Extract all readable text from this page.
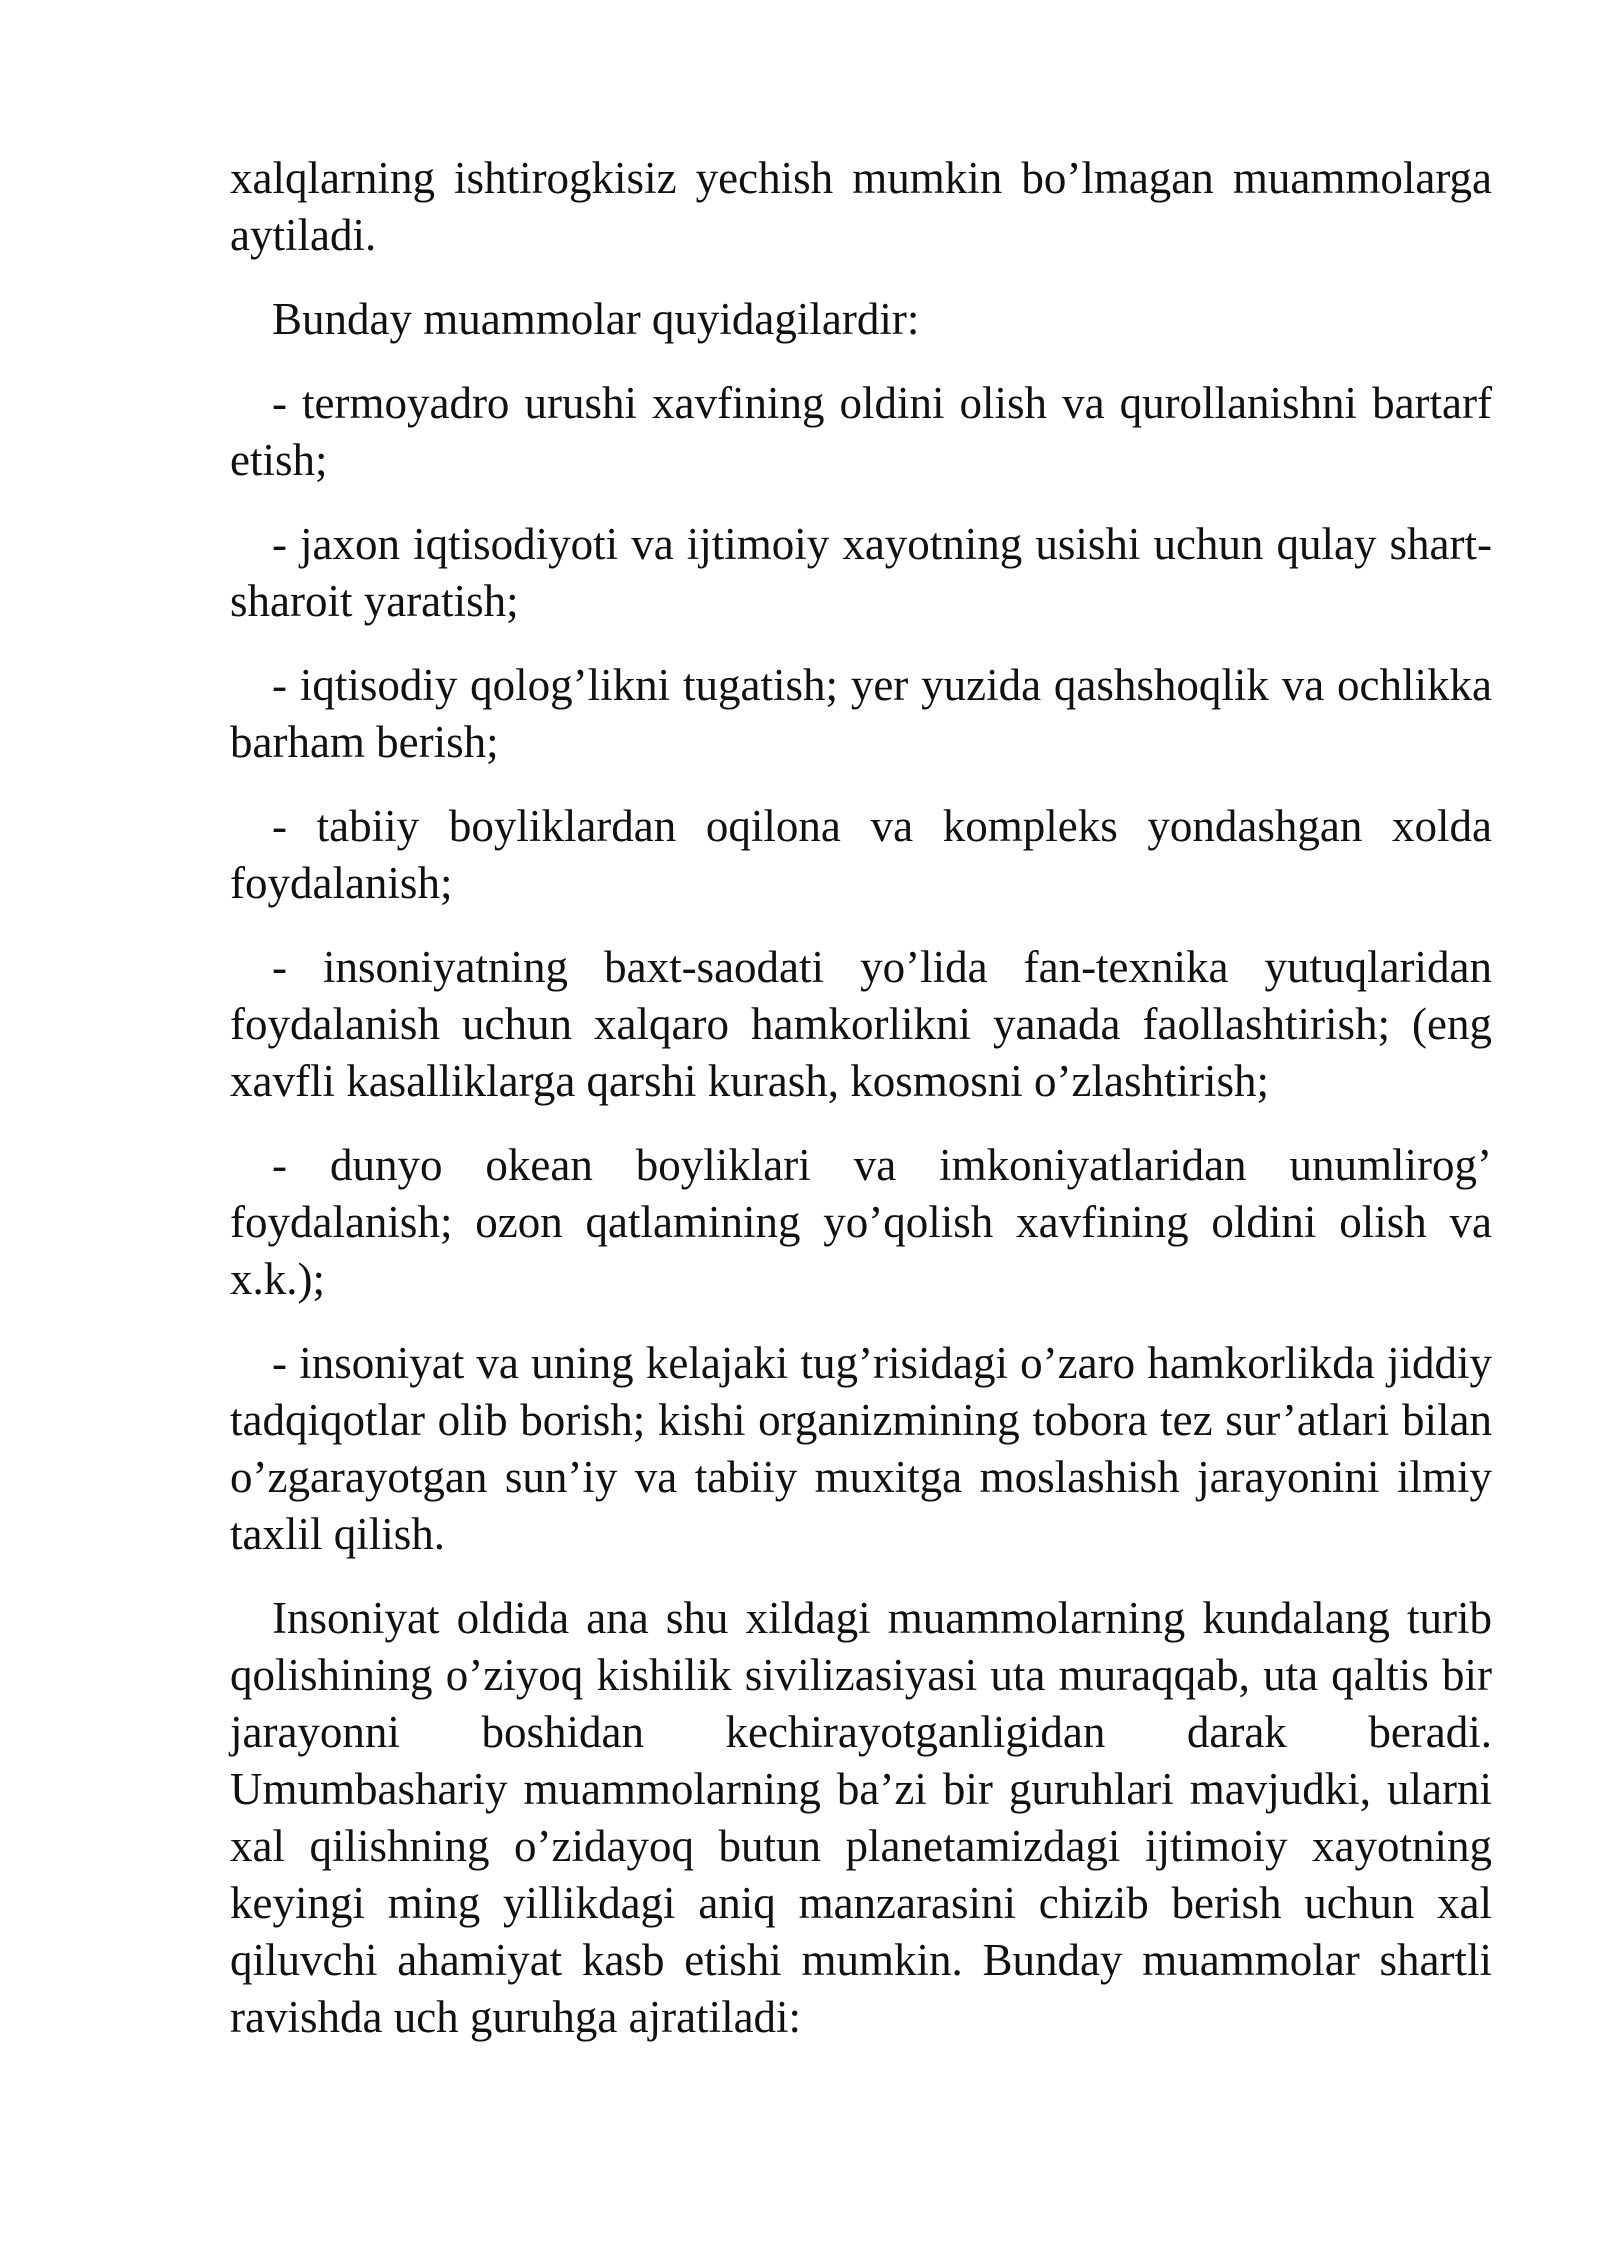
xalqlarning ishtirogkisiz yechish mumkin bo’lmagan muammolarga aytiladi.

Bunday muammolar quyidagilardir:

- termoyadro urushi xavfining oldini olish va qurollanishni bartarf etish;

- jaxon iqtisodiyoti va ijtimoiy xayotning usishi uchun qulay shart-sharoit yaratish;

- iqtisodiy qolog’likni tugatish; yer yuzida qashshoqlik va ochlikka barham berish;

- tabiiy boyliklardan oqilona va kompleks yondashgan xolda foydalanish;

- insoniyatning baxt-saodati yo’lida fan-texnika yutuqlaridan foydalanish uchun xalqaro hamkorlikni yanada faollashtirish; (eng xavfli kasalliklarga qarshi kurash, kosmosni o’zlashtirish;

- dunyo okean boyliklari va imkoniyatlaridan unumlirog’ foydalanish; ozon qatlamining yo’qolish xavfining oldini olish va x.k.);

- insoniyat va uning kelajaki tug’risidagi o’zaro hamkorlikda jiddiy tadqiqotlar olib borish; kishi organizmining tobora tez sur’atlari bilan o’zgarayotgan sun’iy va tabiiy muxitga moslashish jarayonini ilmiy taxlil qilish.

Insoniyat oldida ana shu xildagi muammolarning kundalang turib qolishining o’ziyoq kishilik sivilizasiyasi uta muraqqab, uta qaltis bir jarayonni boshidan kechirayotganligidan darak beradi. Umumbashariy muammolarning ba’zi bir guruhlari mavjudki, ularni xal qilishning o’zidayoq butun planetamizdagi ijtimoiy xayotning keyingi ming yillikdagi aniq manzarasini chizib berish uchun xal qiluvchi ahamiyat kasb etishi mumkin. Bunday muammolar shartli ravishda uch guruhga ajratiladi:
